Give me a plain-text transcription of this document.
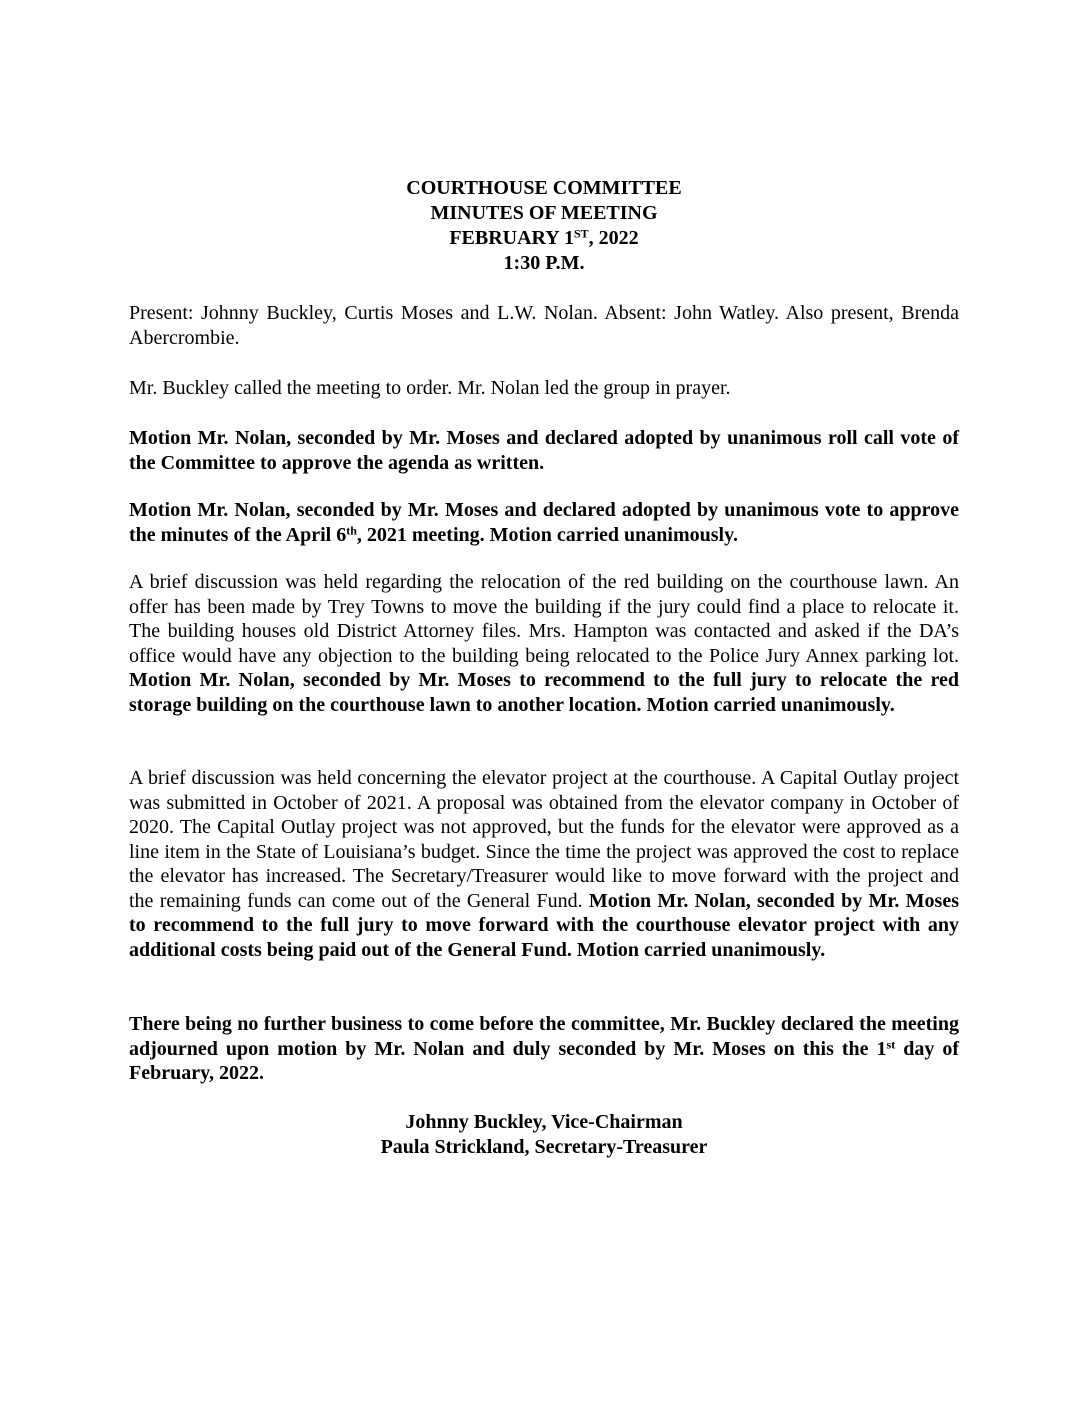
COURTHOUSE COMMITTEE
MINUTES OF MEETING
FEBRUARY 1ST, 2022
1:30 P.M.
Present: Johnny Buckley, Curtis Moses and L.W. Nolan. Absent: John Watley. Also present, Brenda Abercrombie.
Mr. Buckley called the meeting to order. Mr. Nolan led the group in prayer.
Motion Mr. Nolan, seconded by Mr. Moses and declared adopted by unanimous roll call vote of the Committee to approve the agenda as written.
Motion Mr. Nolan, seconded by Mr. Moses and declared adopted by unanimous vote to approve the minutes of the April 6th, 2021 meeting. Motion carried unanimously.
A brief discussion was held regarding the relocation of the red building on the courthouse lawn. An offer has been made by Trey Towns to move the building if the jury could find a place to relocate it. The building houses old District Attorney files. Mrs. Hampton was contacted and asked if the DA’s office would have any objection to the building being relocated to the Police Jury Annex parking lot. Motion Mr. Nolan, seconded by Mr. Moses to recommend to the full jury to relocate the red storage building on the courthouse lawn to another location. Motion carried unanimously.
A brief discussion was held concerning the elevator project at the courthouse. A Capital Outlay project was submitted in October of 2021. A proposal was obtained from the elevator company in October of 2020. The Capital Outlay project was not approved, but the funds for the elevator were approved as a line item in the State of Louisiana’s budget. Since the time the project was approved the cost to replace the elevator has increased. The Secretary/Treasurer would like to move forward with the project and the remaining funds can come out of the General Fund. Motion Mr. Nolan, seconded by Mr. Moses to recommend to the full jury to move forward with the courthouse elevator project with any additional costs being paid out of the General Fund. Motion carried unanimously.
There being no further business to come before the committee, Mr. Buckley declared the meeting adjourned upon motion by Mr. Nolan and duly seconded by Mr. Moses on this the 1st day of February, 2022.
Johnny Buckley, Vice-Chairman
Paula Strickland, Secretary-Treasurer
